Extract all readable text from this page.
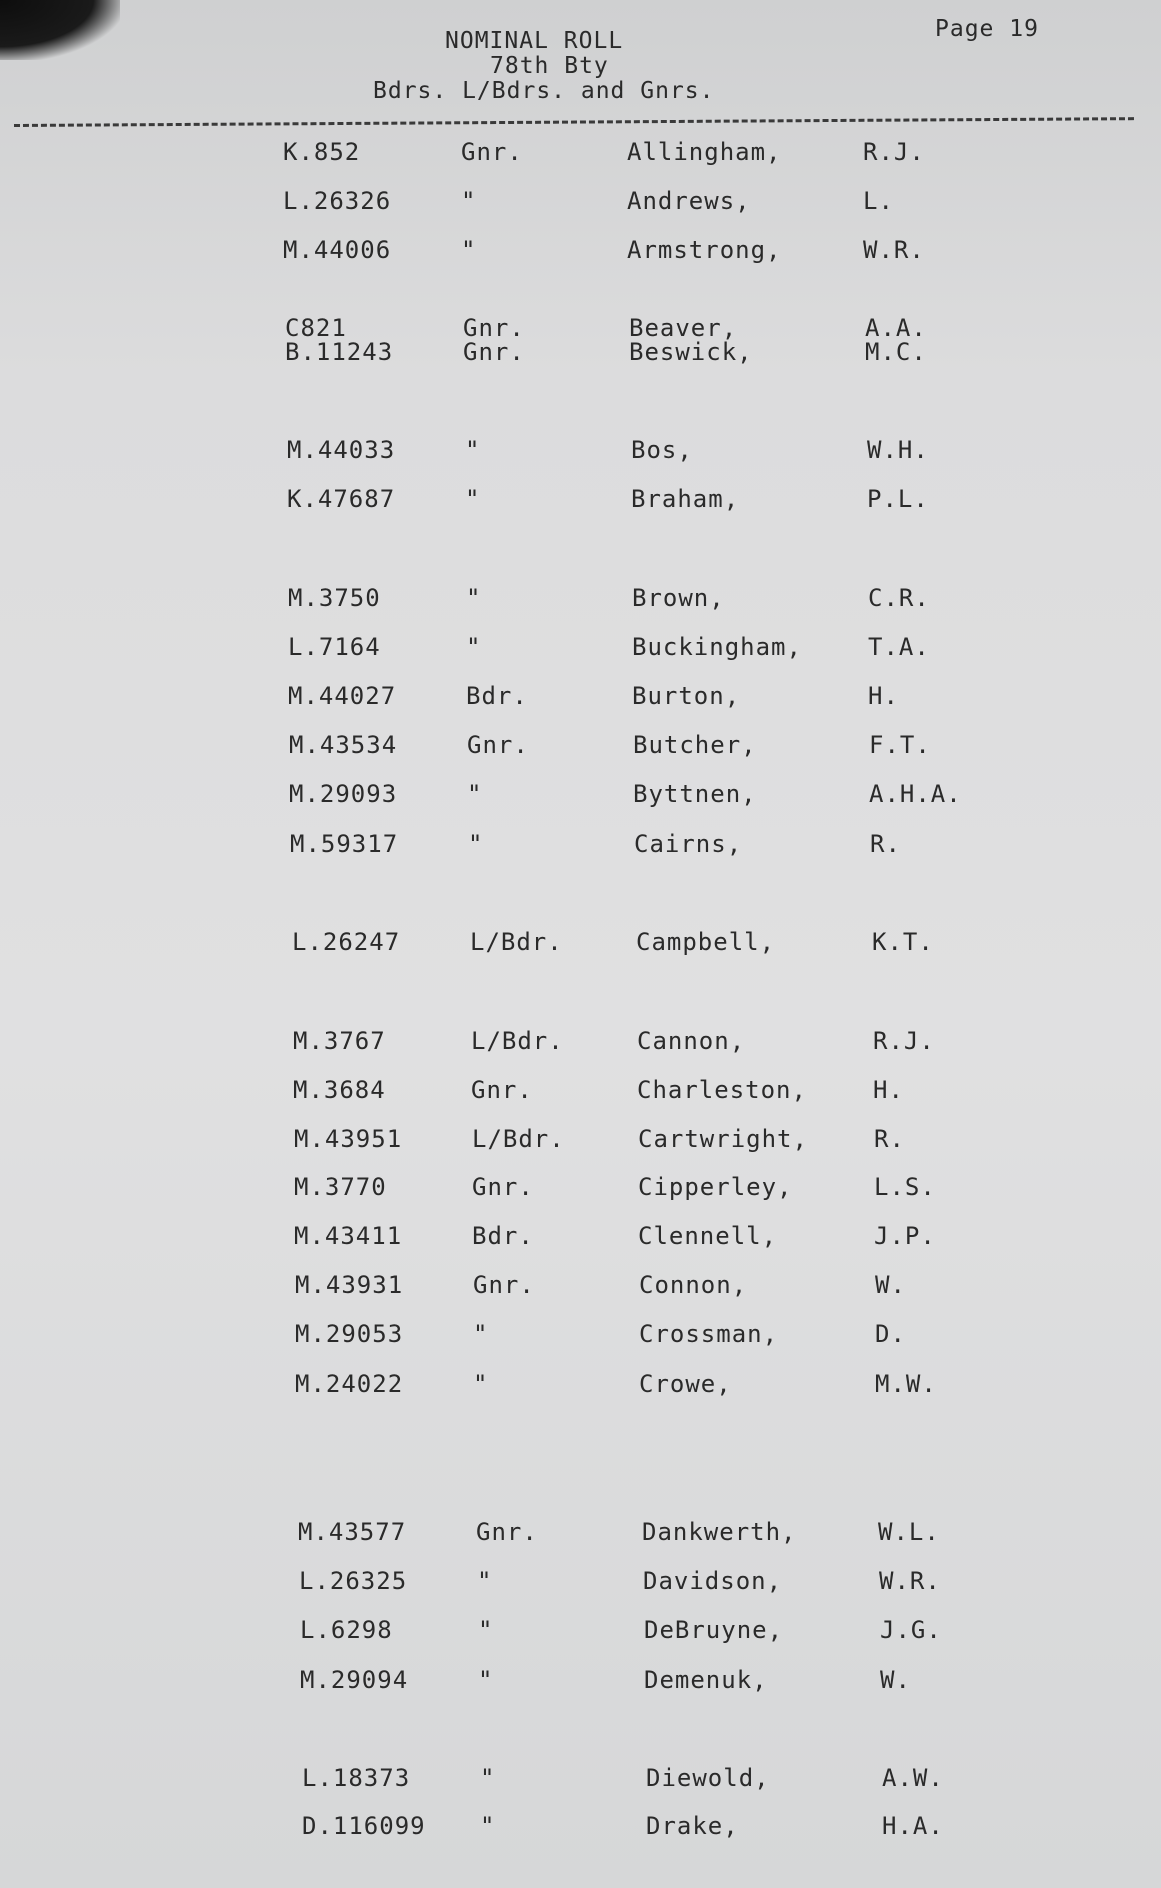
NOMINAL ROLL
78th Bty
Bdrs. L/Bdrs. and Gnrs.
Page 19
K.852	Gnr.	Allingham,	R.J.
L.26326	"	Andrews,	L.
M.44006	"	Armstrong,	W.R.
C821	Gnr.	Beaver,	A.A.
B.11243	Gnr.	Beswick,	M.C.
M.44033	"	Bos,	W.H.
K.47687	"	Braham,	P.L.
M.3750	"	Brown,	C.R.
L.7164	"	Buckingham,	T.A.
M.44027	Bdr.	Burton,	H.
M.43534	Gnr.	Butcher,	F.T.
M.29093	"	Byttnen,	A.H.A.
M.59317	"	Cairns,	R.
L.26247	L/Bdr.	Campbell,	K.T.
M.3767	L/Bdr.	Cannon,	R.J.
M.3684	Gnr.	Charleston,	H.
M.43951	L/Bdr.	Cartwright,	R.
M.3770	Gnr.	Cipperley,	L.S.
M.43411	Bdr.	Clennell,	J.P.
M.43931	Gnr.	Connon,	W.
M.29053	"	Crossman,	D.
M.24022	"	Crowe,	M.W.
M.43577	Gnr.	Dankwerth,	W.L.
L.26325	"	Davidson,	W.R.
L.6298	"	DeBruyne,	J.G.
M.29094	"	Demenuk,	W.
L.18373	"	Diewold,	A.W.
D.116099 "	Drake,	H.A.
